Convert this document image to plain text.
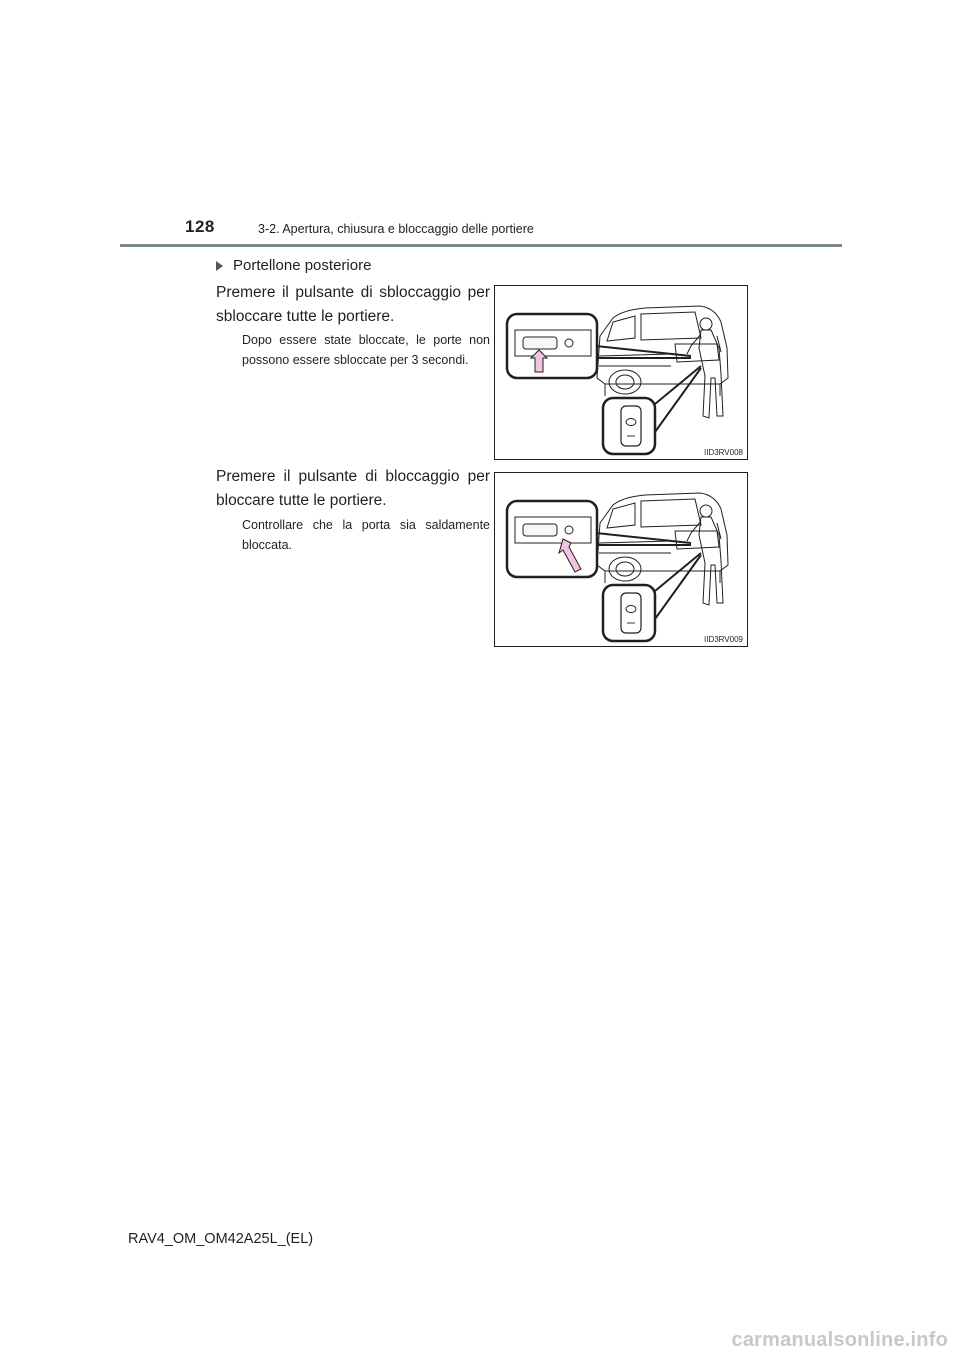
128	3-2. Apertura, chiusura e bloccaggio delle portiere
Portellone posteriore
Premere il pulsante di sbloccaggio per sbloccare tutte le portiere.
Dopo essere state bloccate, le porte non possono essere sbloccate per 3 secondi.
IID3RV008
Premere il pulsante di bloccaggio per bloccare tutte le portiere.
Controllare che la porta sia saldamente bloccata.
IID3RV009
RAV4_OM_OM42A25L_(EL)
carmanualsonline.info
